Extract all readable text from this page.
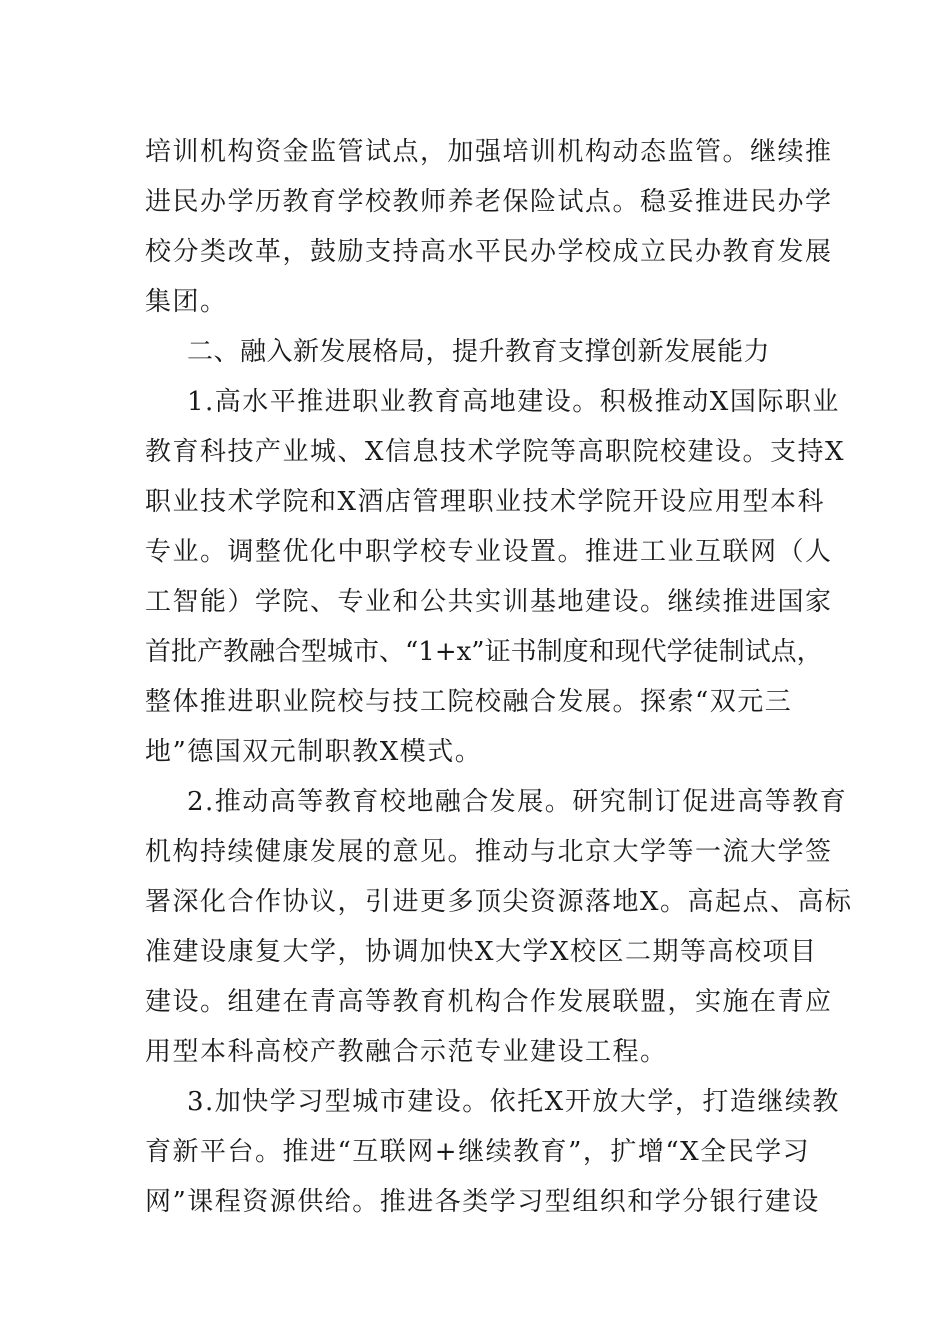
培训机构资金监管试点，加强培训机构动态监管。继续推
进民办学历教育学校教师养老保险试点。稳妥推进民办学
校分类改革，鼓励支持高水平民办学校成立民办教育发展
集团。
二、融入新发展格局，提升教育支撑创新发展能力
1.高水平推进职业教育高地建设。积极推动X国际职业
教育科技产业城、X信息技术学院等高职院校建设。支持X
职业技术学院和X酒店管理职业技术学院开设应用型本科
专业。调整优化中职学校专业设置。推进工业互联网（人
工智能）学院、专业和公共实训基地建设。继续推进国家
首批产教融合型城市、“1+x”证书制度和现代学徒制试点，
整体推进职业院校与技工院校融合发展。探索“双元三
地”德国双元制职教X模式。
2.推动高等教育校地融合发展。研究制订促进高等教育
机构持续健康发展的意见。推动与北京大学等一流大学签
署深化合作协议，引进更多顶尖资源落地X。高起点、高标
准建设康复大学，协调加快X大学X校区二期等高校项目
建设。组建在青高等教育机构合作发展联盟，实施在青应
用型本科高校产教融合示范专业建设工程。
3.加快学习型城市建设。依托X开放大学，打造继续教
育新平台。推进“互联网+继续教育”，扩增“X全民学习
网”课程资源供给。推进各类学习型组织和学分银行建设
